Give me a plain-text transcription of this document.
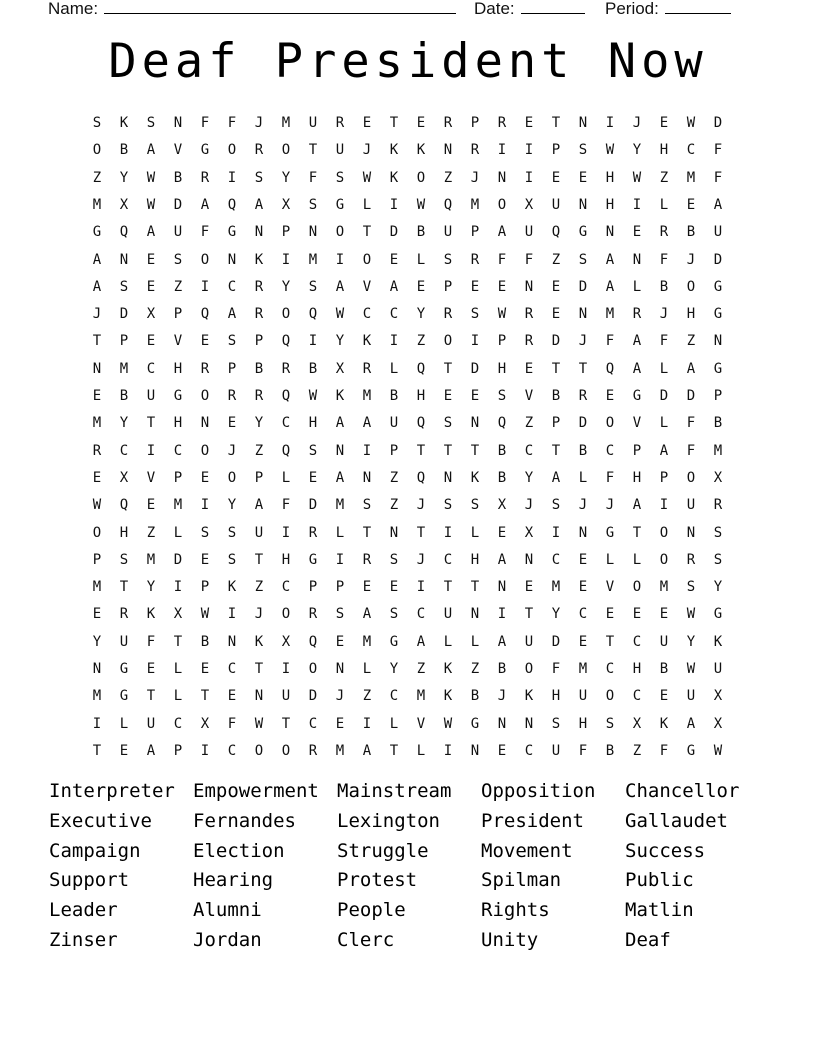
Name:	Date:	Period:
Deaf President Now
S	K	S	N	F	F	J	M	U	R	E	T	E	R	P	R	E	T	N	I	J	E	W	D
O	B	A	V	G	O	R	O	T	U	J	K	K	N	R	I	I	P	S	W	Y	H	C	F
Z	Y	W	B	R	I	S	Y	F	S	W	K	O	Z	J	N	I	E	E	H	W	Z	M	F
M	X	W	D	A	Q	A	X	S	G	L	I	W	Q	M	O	X	U	N	H	I	L	E	A
G	Q	A	U	F	G	N	P	N	O	T	D	B	U	P	A	U	Q	G	N	E	R	B	U
A	N	E	S	O	N	K	I	M	I	O	E	L	S	R	F	F	Z	S	A	N	F	J	D
A	S	E	Z	I	C	R	Y	S	A	V	A	E	P	E	E	N	E	D	A	L	B	O	G
J	D	X	P	Q	A	R	O	Q	W	C	C	Y	R	S	W	R	E	N	M	R	J	H	G
T	P	E	V	E	S	P	Q	I	Y	K	I	Z	O	I	P	R	D	J	F	A	F	Z	N
N	M	C	H	R	P	B	R	B	X	R	L	Q	T	D	H	E	T	T	Q	A	L	A	G
E	B	U	G	O	R	R	Q	W	K	M	B	H	E	E	S	V	B	R	E	G	D	D	P
M	Y	T	H	N	E	Y	C	H	A	A	U	Q	S	N	Q	Z	P	D	O	V	L	F	B
R	C	I	C	O	J	Z	Q	S	N	I	P	T	T	T	B	C	T	B	C	P	A	F	M
E	X	V	P	E	O	P	L	E	A	N	Z	Q	N	K	B	Y	A	L	F	H	P	O	X
W	Q	E	M	I	Y	A	F	D	M	S	Z	J	S	S	X	J	S	J	J	A	I	U	R
O	H	Z	L	S	S	U	I	R	L	T	N	T	I	L	E	X	I	N	G	T	O	N	S
P	S	M	D	E	S	T	H	G	I	R	S	J	C	H	A	N	C	E	L	L	O	R	S
M	T	Y	I	P	K	Z	C	P	P	E	E	I	T	T	N	E	M	E	V	O	M	S	Y
E	R	K	X	W	I	J	O	R	S	A	S	C	U	N	I	T	Y	C	E	E	E	W	G
Y	U	F	T	B	N	K	X	Q	E	M	G	A	L	L	A	U	D	E	T	C	U	Y	K
N	G	E	L	E	C	T	I	O	N	L	Y	Z	K	Z	B	O	F	M	C	H	B	W	U
M	G	T	L	T	E	N	U	D	J	Z	C	M	K	B	J	K	H	U	O	C	E	U	X
I	L	U	C	X	F	W	T	C	E	I	L	V	W	G	N	N	S	H	S	X	K	A	X
T	E	A	P	I	C	O	O	R	M	A	T	L	I	N	E	C	U	F	B	Z	F	G	W
Interpreter Empowerment Mainstream Opposition Chancellor
Executive Fernandes Lexington President Gallaudet
Campaign	Election	Struggle	Movement	Success
Support	Hearing	Protest	Spilman	Public
Leader	Alumni	People	Rights	Matlin
Zinser	Jordan	Clerc	Unity	Deaf
